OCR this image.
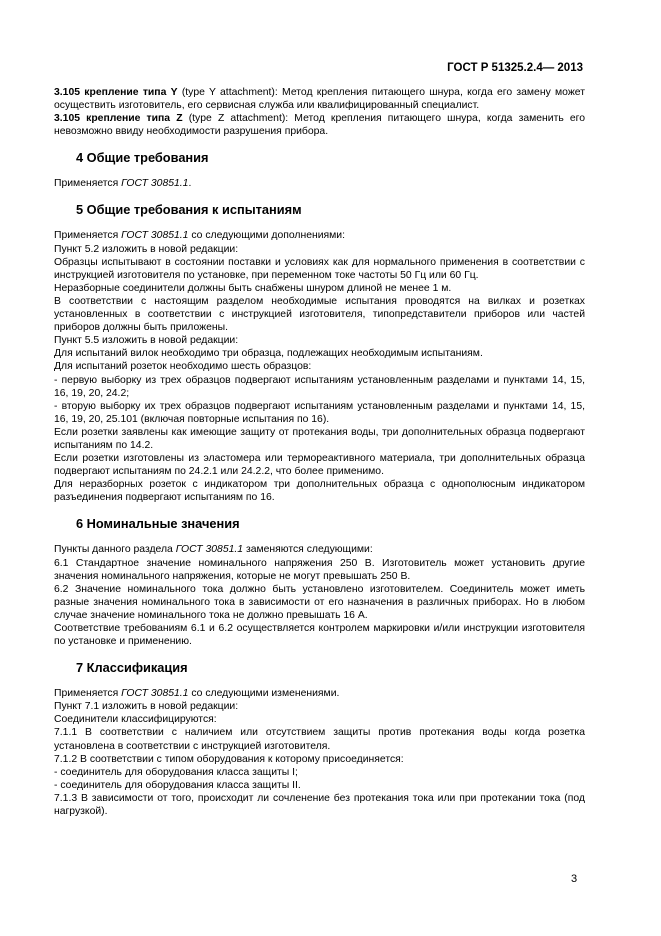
ГОСТ Р 51325.2.4— 2013

3.105 крепление типа Y (type Y attachment): Метод крепления питающего шнура, когда его замену может осуществить изготовитель, его сервисная служба или квалифицированный специалист.

3.105 крепление типа Z (type Z attachment): Метод крепления питающего шнура, когда заменить его невозможно ввиду необходимости разрушения прибора.

4 Общие требования

Применяется ГОСТ 30851.1.

5 Общие требования к испытаниям

Применяется ГОСТ 30851.1 со следующими дополнениями:

Пункт 5.2 изложить в новой редакции:

Образцы испытывают в состоянии поставки и условиях как для нормального применения в соответствии с инструкцией изготовителя по установке, при переменном токе частоты 50 Гц или 60 Гц.

Неразборные соединители должны быть снабжены шнуром длиной не менее 1 м.

В соответствии с настоящим разделом необходимые испытания проводятся на вилках и розетках установленных в соответствии с инструкцией изготовителя, типопредставители приборов или частей приборов должны быть приложены.

Пункт 5.5 изложить в новой редакции:

Для испытаний вилок необходимо три образца, подлежащих необходимым испытаниям.

Для испытаний розеток необходимо шесть образцов:

- первую выборку из трех образцов подвергают испытаниям установленным разделами и пунктами 14, 15, 16, 19, 20, 24.2;

- вторую выборку их трех образцов подвергают испытаниям установленным разделами и пунктами 14, 15, 16, 19, 20, 25.101 (включая повторные испытания по 16).

Если розетки заявлены как имеющие защиту от протекания воды, три дополнительных образца подвергают испытаниям по 14.2.

Если розетки изготовлены из эластомера или термореактивного материала, три дополнительных образца подвергают испытаниям по 24.2.1 или 24.2.2, что более применимо.

Для неразборных розеток с индикатором три дополнительных образца с однополюсным индикатором разъединения подвергают испытаниям по 16.

6 Номинальные значения

Пункты данного раздела ГОСТ 30851.1 заменяются следующими:

6.1 Стандартное значение номинального напряжения 250 В. Изготовитель может установить другие значения номинального напряжения, которые не могут превышать 250 В.

6.2 Значение номинального тока должно быть установлено изготовителем. Соединитель может иметь разные значения номинального тока в зависимости от его назначения в различных приборах. Но в любом случае значение номинального тока не должно превышать 16 А.

Соответствие требованиям 6.1 и 6.2 осуществляется контролем маркировки и/или инструкции изготовителя по установке и применению.

7 Классификация

Применяется ГОСТ 30851.1 со следующими изменениями.

Пункт 7.1 изложить в новой редакции:

Соединители классифицируются:

7.1.1 В соответствии с наличием или отсутствием защиты против протекания воды когда розетка установлена в соответствии с инструкцией изготовителя.

7.1.2 В соответствии с типом оборудования к которому присоединяется:

- соединитель для оборудования класса защиты I;

- соединитель для оборудования класса защиты II.

7.1.3 В зависимости от того, происходит ли сочленение без протекания тока или при протекании тока (под нагрузкой).

3
